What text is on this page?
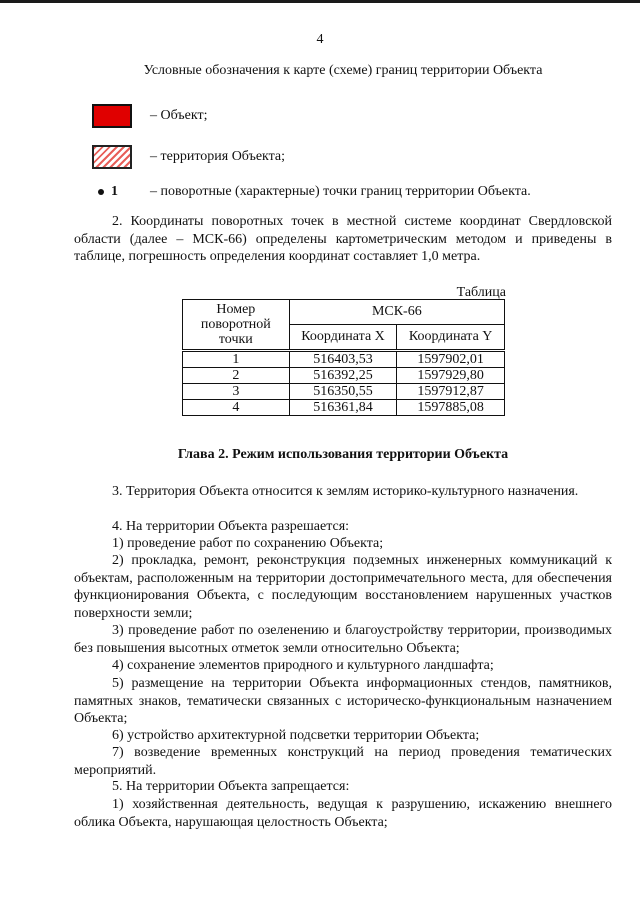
4
Условные обозначения к карте (схеме) границ территории Объекта
– Объект;
– территория Объекта;
1 – поворотные (характерные) точки границ территории Объекта.

2. Координаты поворотных точек в местной системе координат Свердловской области (далее – МСК-66) определены картометрическим методом и приведены в таблице, погрешность определения координат составляет 1,0 метра.

Таблица
Номер поворотной точки	МСК-66	
	Координата X	Координата Y
1	516403,53	1597902,01
2	516392,25	1597929,80
3	516350,55	1597912,87
4	516361,84	1597885,08
Глава 2. Режим использования территории Объекта

3. Территория Объекта относится к землям историко-культурного назначения.

4. На территории Объекта разрешается:

1) проведение работ по сохранению Объекта;

2) прокладка, ремонт, реконструкция подземных инженерных коммуникаций к объектам, расположенным на территории достопримечательного места, для обеспечения функционирования Объекта, с последующим восстановлением нарушенных участков поверхности земли;

3) проведение работ по озеленению и благоустройству территории, производимых без повышения высотных отметок земли относительно Объекта;

4) сохранение элементов природного и культурного ландшафта;

5) размещение на территории Объекта информационных стендов, памятников, памятных знаков, тематически связанных с историческо-функциональным назначением Объекта;

6) устройство архитектурной подсветки территории Объекта;

7) возведение временных конструкций на период проведения тематических мероприятий.

5. На территории Объекта запрещается:

1) хозяйственная деятельность, ведущая к разрушению, искажению внешнего облика Объекта, нарушающая целостность Объекта;
